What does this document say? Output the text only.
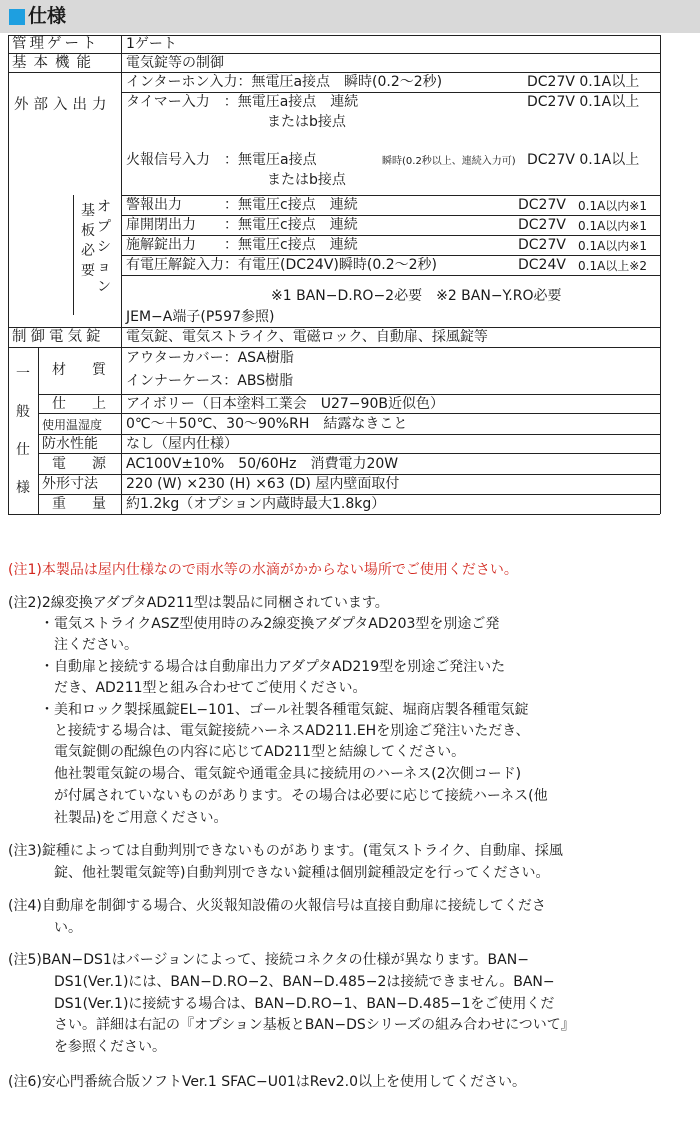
仕様
管理ゲート 1ゲート
基本機能 電気錠等の制御
外部入出力
インターホン入力：無電圧a接点　瞬時(0.2〜2秒)	DC27V 0.1A以上
タイマー入力　：無電圧a接点　連続	DC27V 0.1A以上
またはb接点
火報信号入力　：無電圧a接点	瞬時(0.2秒以上、連続入力可) DC27V 0.1A以上
またはb接点
基板必要
オプション
警報出力　　　：無電圧c接点　連続	DC27V 0.1A以内※1
扉開閉出力　　：無電圧c接点　連続	DC27V 0.1A以内※1
施解錠出力　　：無電圧c接点　連続	DC27V 0.1A以内※1
有電圧解錠入力：有電圧(DC24V)瞬時(0.2〜2秒)	DC24V 0.1A以上※2
※1 BAN−D.RO−2必要　※2 BAN−Y.RO必要
JEM−A端子(P597参照)
制御電気錠 電気錠、電気ストライク、電磁ロック、自動扉、採風錠等
一般仕様
材　質
アウターカバー：ASA樹脂
インナーケース：ABS樹脂
仕　上 アイボリー（日本塗料工業会　U27−90B近似色）
使用温湿度 0℃〜＋50℃、30〜90%RH　結露なきこと
防水性能 なし（屋内仕様）
電　源 AC100V±10%　50/60Hz　消費電力20W
外形寸法 220 (W) ×230 (H) ×63 (D) 屋内壁面取付
重　量 約1.2kg（オプション内蔵時最大1.8kg）
(注1)本製品は屋内仕様なので雨水等の水滴がかからない場所でご使用ください。
(注2)2線変換アダプタAD211型は製品に同梱されています。
・電気ストライクASZ型使用時のみ2線変換アダプタAD203型を別途ご発
注ください。
・自動扉と接続する場合は自動扉出力アダプタAD219型を別途ご発注いた
だき、AD211型と組み合わせてご使用ください。
・美和ロック製採風錠EL−101、ゴール社製各種電気錠、堀商店製各種電気錠
と接続する場合は、電気錠接続ハーネスAD211.EHを別途ご発注いただき、
電気錠側の配線色の内容に応じてAD211型と結線してください。
他社製電気錠の場合、電気錠や通電金具に接続用のハーネス(2次側コード)
が付属されていないものがあります。その場合は必要に応じて接続ハーネス(他
社製品)をご用意ください。
(注3)錠種によっては自動判別できないものがあります。(電気ストライク、自動扉、採風
錠、他社製電気錠等)自動判別できない錠種は個別錠種設定を行ってください。
(注4)自動扉を制御する場合、火災報知設備の火報信号は直接自動扉に接続してくださ
い。
(注5)BAN−DS1はバージョンによって、接続コネクタの仕様が異なります。BAN−
DS1(Ver.1)には、BAN−D.RO−2、BAN−D.485−2は接続できません。BAN−
DS1(Ver.1)に接続する場合は、BAN−D.RO−1、BAN−D.485−1をご使用くだ
さい。詳細は右記の『オプション基板とBAN−DSシリーズの組み合わせについて』
を参照ください。
(注6)安心門番統合版ソフトVer.1 SFAC−U01はRev2.0以上を使用してください。
